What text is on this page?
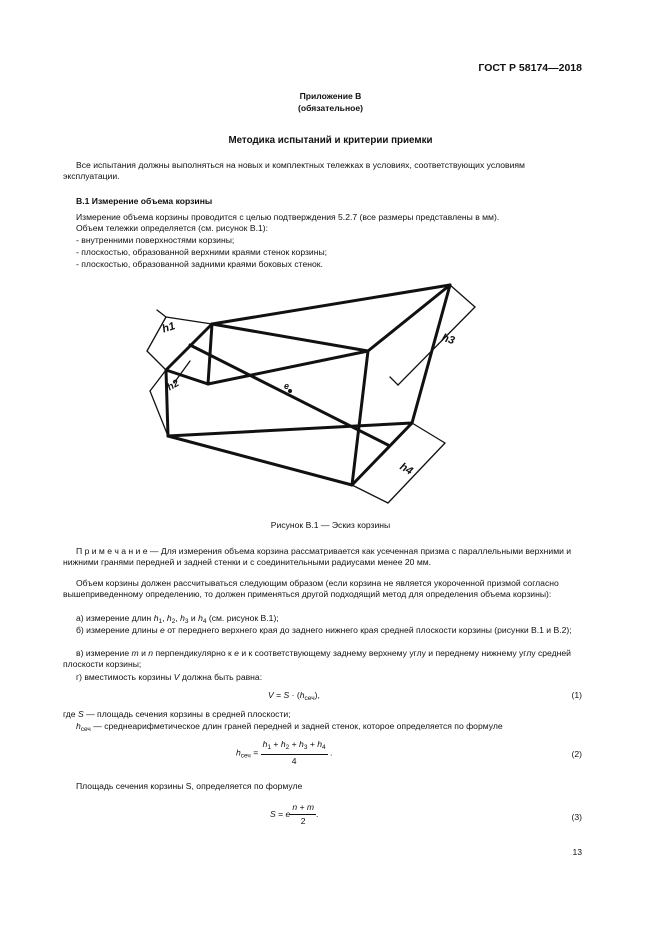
ГОСТ Р 58174—2018
Приложение В
(обязательное)
Методика испытаний и критерии приемки
Все испытания должны выполняться на новых и комплектных тележках в условиях, соответствующих условиям эксплуатации.
В.1 Измерение объема корзины
Измерение объема корзины проводится с целью подтверждения 5.2.7 (все размеры представлены в мм).
Объем тележки определяется (см. рисунок В.1):
- внутренними поверхностями корзины;
- плоскостью, образованной верхними краями стенок корзины;
- плоскостью, образованной задними краями боковых стенок.
h1
h2
h3
h4
e
Рисунок В.1 — Эскиз корзины
П р и м е ч а н и е — Для измерения объема корзина рассматривается как усеченная призма с параллельными верхними и нижними гранями передней и задней стенки и с соединительными радиусами менее 20 мм.
Объем корзины должен рассчитываться следующим образом (если корзина не является укороченной призмой согласно вышеприведенному определению, то должен применяться другой подходящий метод для определения объема корзины):
а) измерение длин $h_1$, $h_2$, $h_3$ и $h_4$ (см. рисунок В.1);
б) измерение длины e от переднего верхнего края до заднего нижнего края средней плоскости корзины (рисунки В.1 и В.2);
в) измерение m и n перпендикулярно к e и к соответствующему заднему верхнему углу и переднему нижнему углу средней плоскости корзины;
г) вместимость корзины V должна быть равна:
$V = S \cdot (h_{сеч})$,	(1)
где S — площадь сечения корзины в средней плоскости;
$h_{сеч}$ — среднеарифметическое длин граней передней и задней стенок, которое определяется по формуле
$h_{сеч} = \frac{h_1 + h_2 + h_3 + h_4}{4}$ .	(2)
Площадь сечения корзины S, определяется по формуле
S = e $\frac{n + m}{2}$ .	(3)
13
